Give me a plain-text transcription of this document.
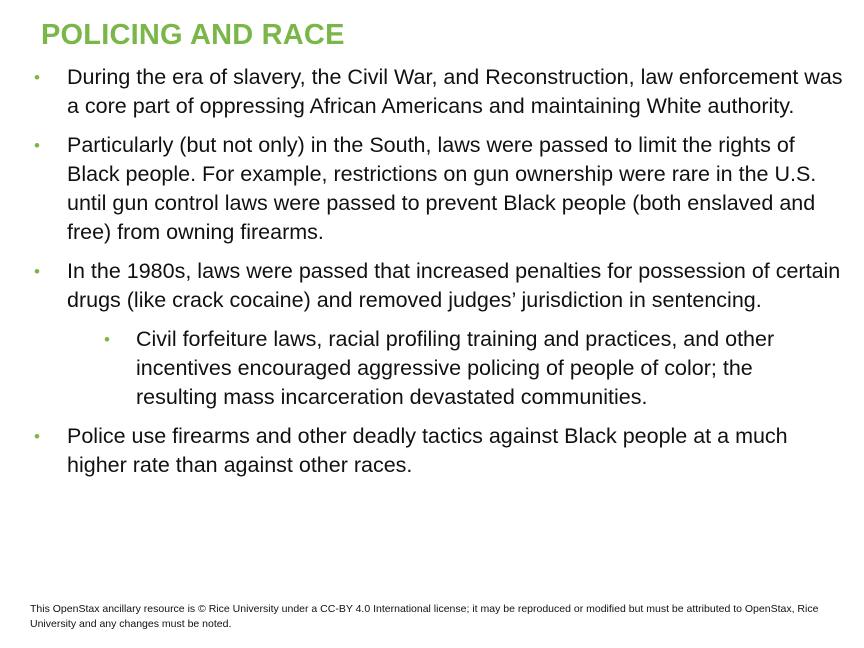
POLICING AND RACE
• During the era of slavery, the Civil War, and Reconstruction, law enforcement was a core part of oppressing African Americans and maintaining White authority.
• Particularly (but not only) in the South, laws were passed to limit the rights of Black people. For example, restrictions on gun ownership were rare in the U.S. until gun control laws were passed to prevent Black people (both enslaved and free) from owning firearms.
• In the 1980s, laws were passed that increased penalties for possession of certain drugs (like crack cocaine) and removed judges’ jurisdiction in sentencing.
• Civil forfeiture laws, racial profiling training and practices, and other incentives encouraged aggressive policing of people of color; the resulting mass incarceration devastated communities.
• Police use firearms and other deadly tactics against Black people at a much higher rate than against other races.

This OpenStax ancillary resource is © Rice University under a CC-BY 4.0 International license; it may be reproduced or modified but must be attributed to OpenStax, Rice University and any changes must be noted.
